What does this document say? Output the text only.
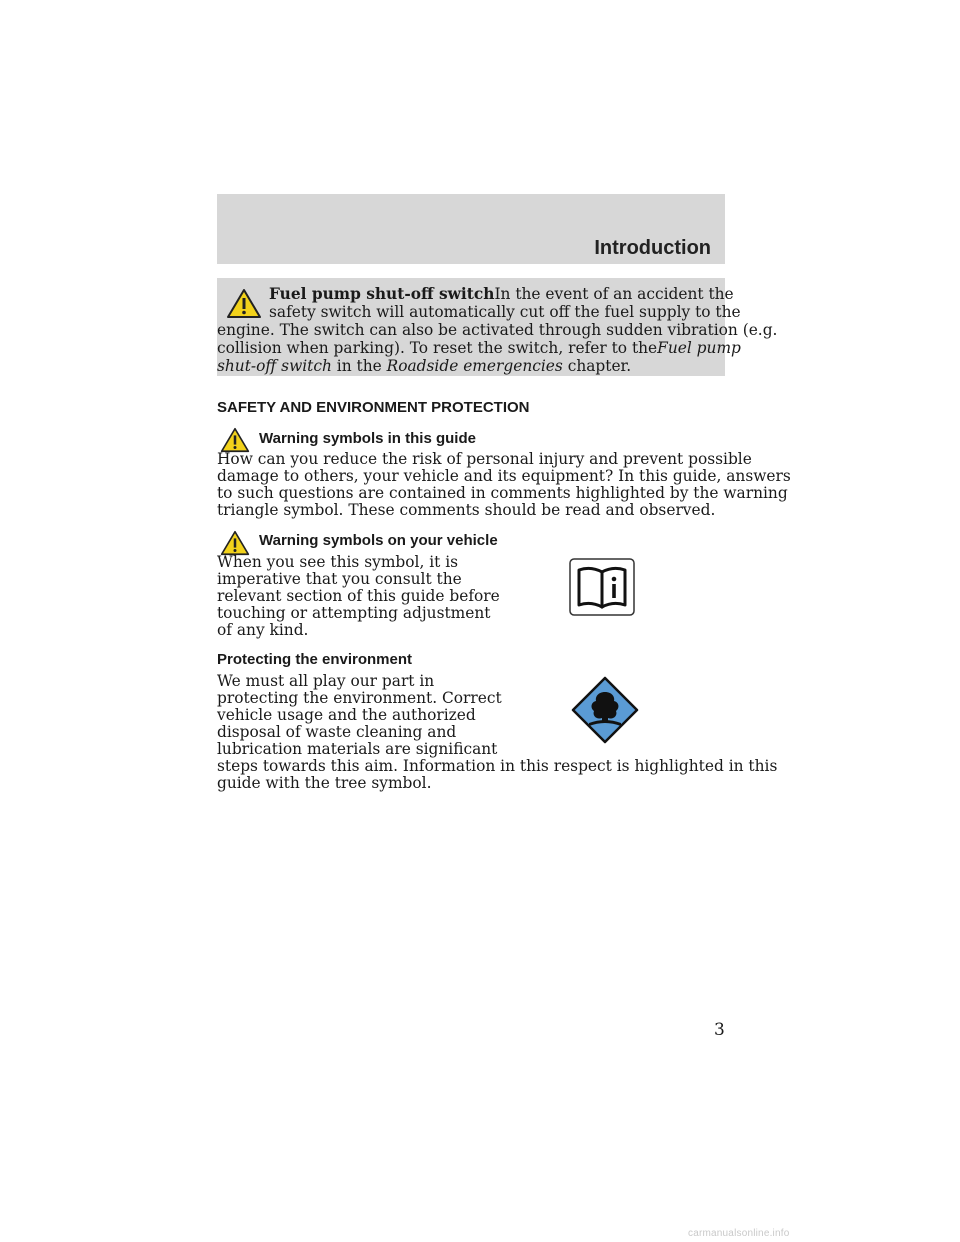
Introduction

Fuel pump shut-off switchIn the event of an accident the
safety switch will automatically cut off the fuel supply to the
engine. The switch can also be activated through sudden vibration (e.g.
collision when parking). To reset the switch, refer to theFuel pump
shut-off switch in the Roadside emergencies chapter.

SAFETY AND ENVIRONMENT PROTECTION
Warning symbols in this guide

How can you reduce the risk of personal injury and prevent possible
damage to others, your vehicle and its equipment? In this guide, answers
to such questions are contained in comments highlighted by the warning
triangle symbol. These comments should be read and observed.

Warning symbols on your vehicle

When you see this symbol, it is
imperative that you consult the
relevant section of this guide before
touching or attempting adjustment
of any kind.

Protecting the environment

We must all play our part in
protecting the environment. Correct
vehicle usage and the authorized
disposal of waste cleaning and
lubrication materials are significant
steps towards this aim. Information in this respect is highlighted in this
guide with the tree symbol.

3
carmanualsonline.info
